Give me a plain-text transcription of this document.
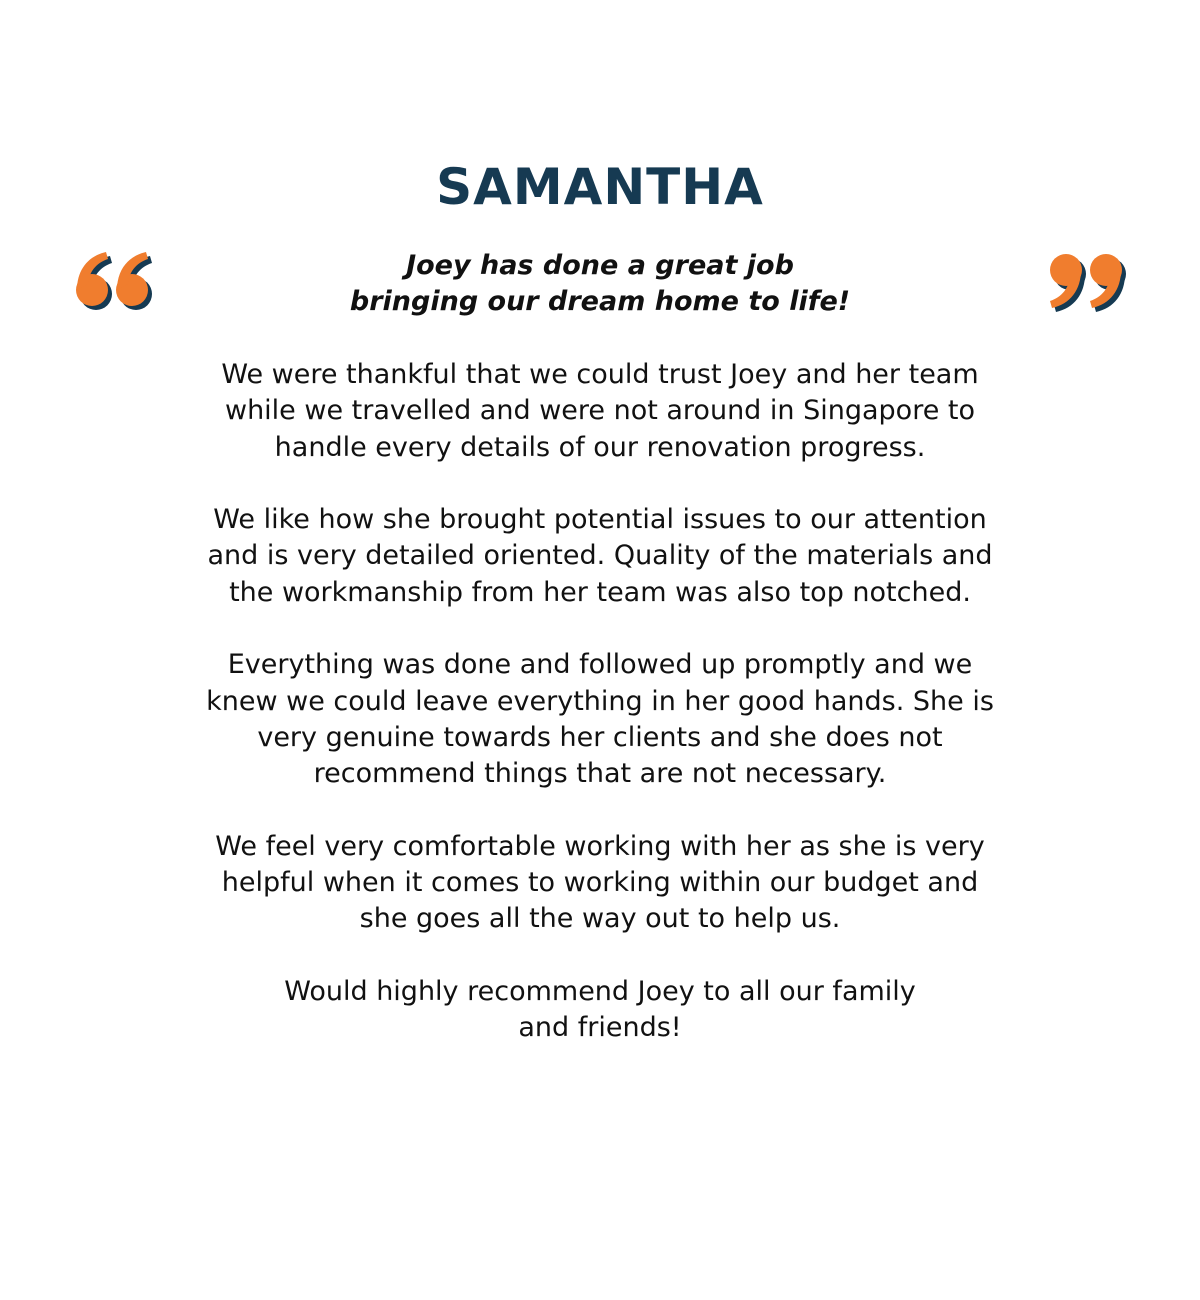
SAMANTHA
Joey has done a great job
bringing our dream home to life!

We were thankful that we could trust Joey and her team
while we travelled and were not around in Singapore to
handle every details of our renovation progress.

We like how she brought potential issues to our attention
and is very detailed oriented. Quality of the materials and
the workmanship from her team was also top notched.

Everything was done and followed up promptly and we
knew we could leave everything in her good hands. She is
very genuine towards her clients and she does not
recommend things that are not necessary.

We feel very comfortable working with her as she is very
helpful when it comes to working within our budget and
she goes all the way out to help us.

Would highly recommend Joey to all our family
and friends!
